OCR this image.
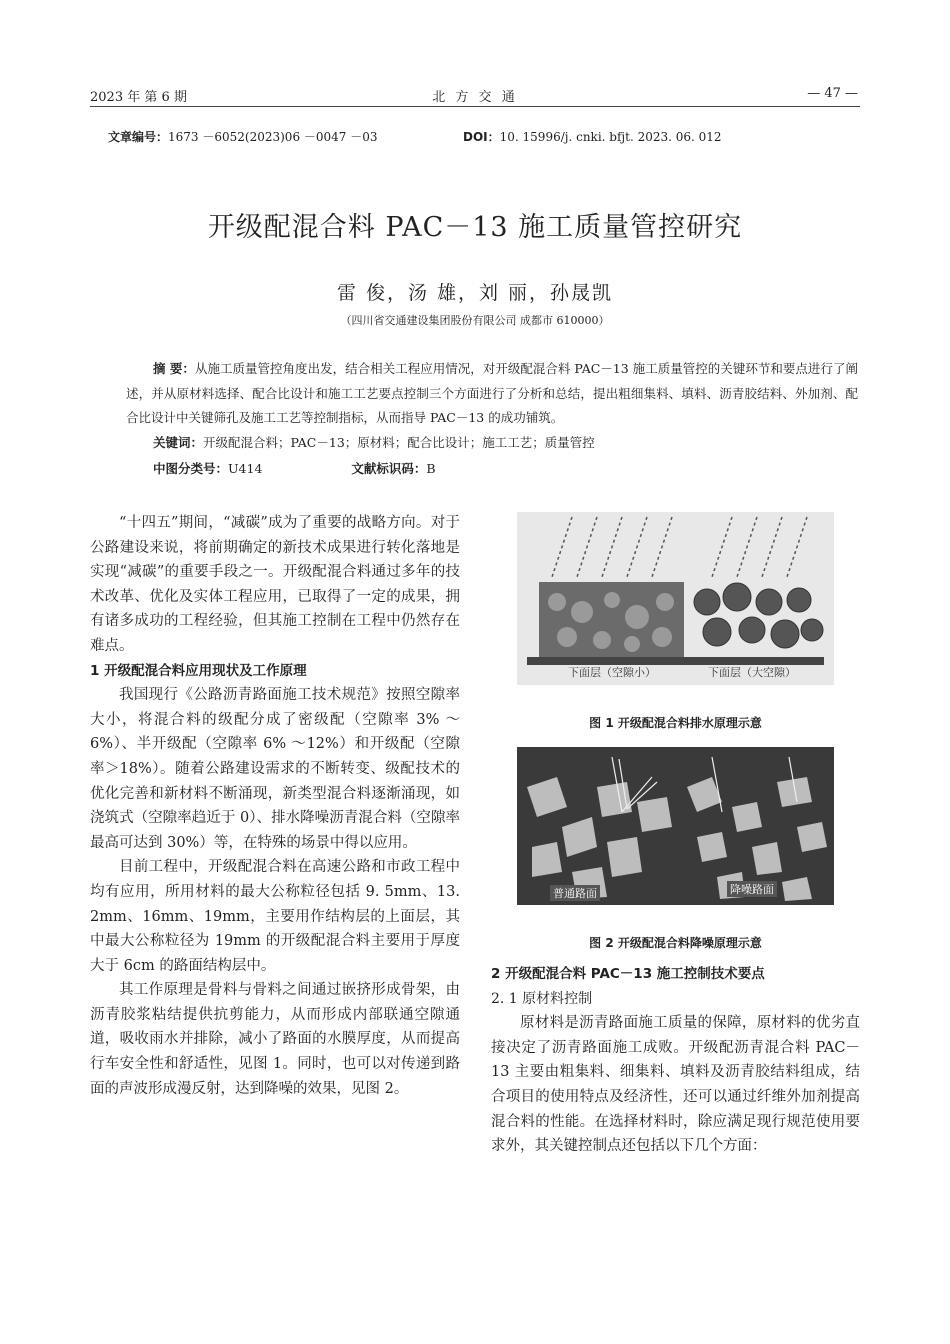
2023 年 第 6 期	北 方 交 通	— 47 —
文章编号：1673 －6052(2023)06 －0047 －03	DOI：10. 15996/j. cnki. bfjt. 2023. 06. 012
开级配混合料 PAC－13 施工质量管控研究
雷 俊，汤 雄，刘 丽，孙晟凯
（四川省交通建设集团股份有限公司 成都市 610000）
摘 要：从施工质量管控角度出发，结合相关工程应用情况，对开级配混合料 PAC－13 施工质量管控的关键环节和要点进行了阐述，并从原材料选择、配合比设计和施工工艺要点控制三个方面进行了分析和总结，提出粗细集料、填料、沥青胶结料、外加剂、配合比设计中关键筛孔及施工工艺等控制指标，从而指导 PAC－13 的成功铺筑。
关键词：开级配混合料；PAC－13；原材料；配合比设计；施工工艺；质量管控
中图分类号：U414	文献标识码：B

“十四五”期间，“减碳”成为了重要的战略方向。对于公路建设来说，将前期确定的新技术成果进行转化落地是实现“减碳”的重要手段之一。开级配混合料通过多年的技术改革、优化及实体工程应用，已取得了一定的成果，拥有诸多成功的工程经验，但其施工控制在工程中仍然存在难点。

1 开级配混合料应用现状及工作原理

我国现行《公路沥青路面施工技术规范》按照空隙率大小，将混合料的级配分成了密级配（空隙率 3% ～6%）、半开级配（空隙率 6% ～12%）和开级配（空隙率＞18%）。随着公路建设需求的不断转变、级配技术的优化完善和新材料不断涌现，新类型混合料逐渐涌现，如浇筑式（空隙率趋近于 0）、排水降噪沥青混合料（空隙率最高可达到 30%）等，在特殊的场景中得以应用。

目前工程中，开级配混合料在高速公路和市政工程中均有应用，所用材料的最大公称粒径包括 9. 5mm、13. 2mm、16mm、19mm，主要用作结构层的上面层，其中最大公称粒径为 19mm 的开级配混合料主要用于厚度大于 6cm 的路面结构层中。

其工作原理是骨料与骨料之间通过嵌挤形成骨架，由沥青胶浆粘结提供抗剪能力，从而形成内部联通空隙通道，吸收雨水并排除，减小了路面的水膜厚度，从而提高行车安全性和舒适性，见图 1。同时，也可以对传递到路面的声波形成漫反射，达到降噪的效果，见图 2。

下面层（空隙小）	下面层（大空隙）
图 1 开级配混合料排水原理示意
普通路面	降噪路面
图 2 开级配混合料降噪原理示意

2 开级配混合料 PAC－13 施工控制技术要点

2. 1 原材料控制

原材料是沥青路面施工质量的保障，原材料的优劣直接决定了沥青路面施工成败。开级配沥青混合料 PAC－13 主要由粗集料、细集料、填料及沥青胶结料组成，结合项目的使用特点及经济性，还可以通过纤维外加剂提高混合料的性能。在选择材料时，除应满足现行规范使用要求外，其关键控制点还包括以下几个方面：
